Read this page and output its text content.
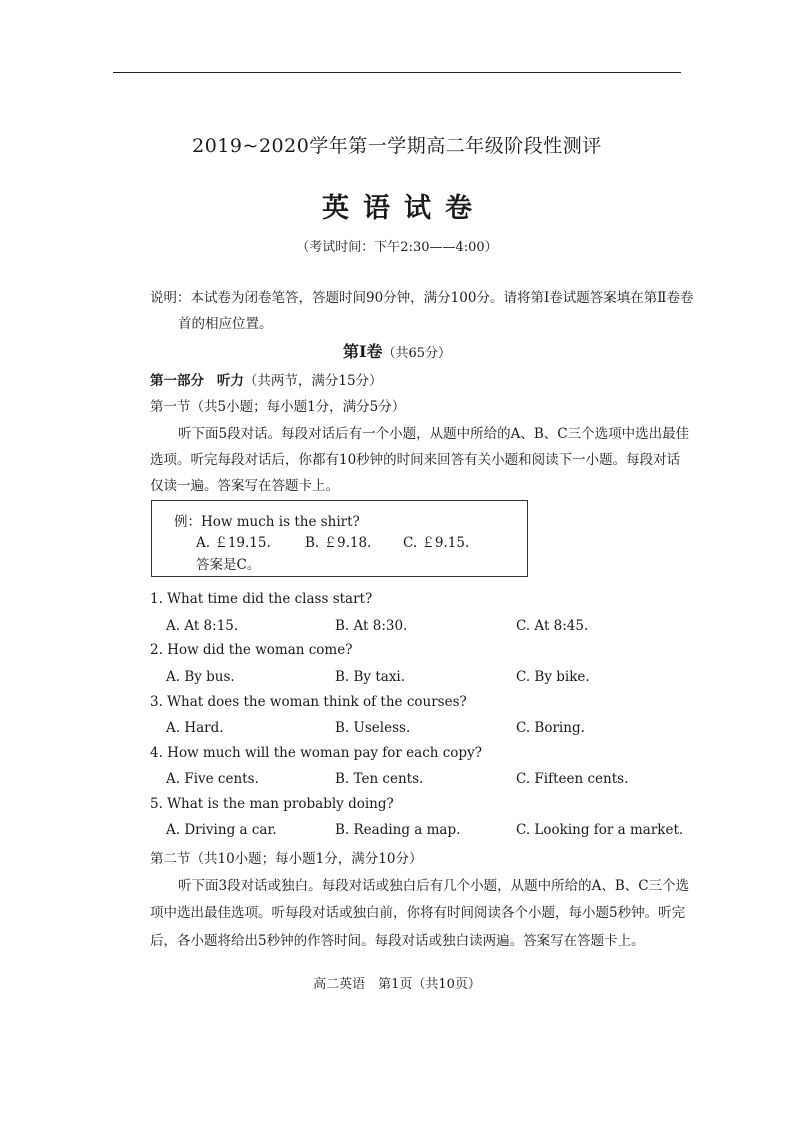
2019~2020学年第一学期高二年级阶段性测评
英语试卷
（考试时间：下午2:30——4:00）
说明：本试卷为闭卷笔答，答题时间90分钟，满分100分。请将第Ⅰ卷试题答案填在第Ⅱ卷卷
首的相应位置。
第Ⅰ卷（共65分）
第一部分 听力（共两节，满分15分）
第一节（共5小题；每小题1分，满分5分）
听下面5段对话。每段对话后有一个小题，从题中所给的A、B、C三个选项中选出最佳
选项。听完每段对话后，你都有10秒钟的时间来回答有关小题和阅读下一小题。每段对话
仅读一遍。答案写在答题卡上。
例：How much is the shirt?
A. ￡19.15.	B. ￡9.18. C. ￡9.15.
答案是C。
1. What time did the class start?
A. At 8:15.	B. At 8:30.	C. At 8:45.
2. How did the woman come?
A. By bus.	B. By taxi.	C. By bike.
3. What does the woman think of the courses?
A. Hard.	B. Useless.	C. Boring.
4. How much will the woman pay for each copy?
A. Five cents.	B. Ten cents.	C. Fifteen cents.
5. What is the man probably doing?
A. Driving a car.	B. Reading a map.	C. Looking for a market.
第二节（共10小题；每小题1分，满分10分）
听下面3段对话或独白。每段对话或独白后有几个小题，从题中所给的A、B、C三个选
项中选出最佳选项。听每段对话或独白前，你将有时间阅读各个小题，每小题5秒钟。听完
后，各小题将给出5秒钟的作答时间。每段对话或独白读两遍。答案写在答题卡上。
高二英语　第1页（共10页）
